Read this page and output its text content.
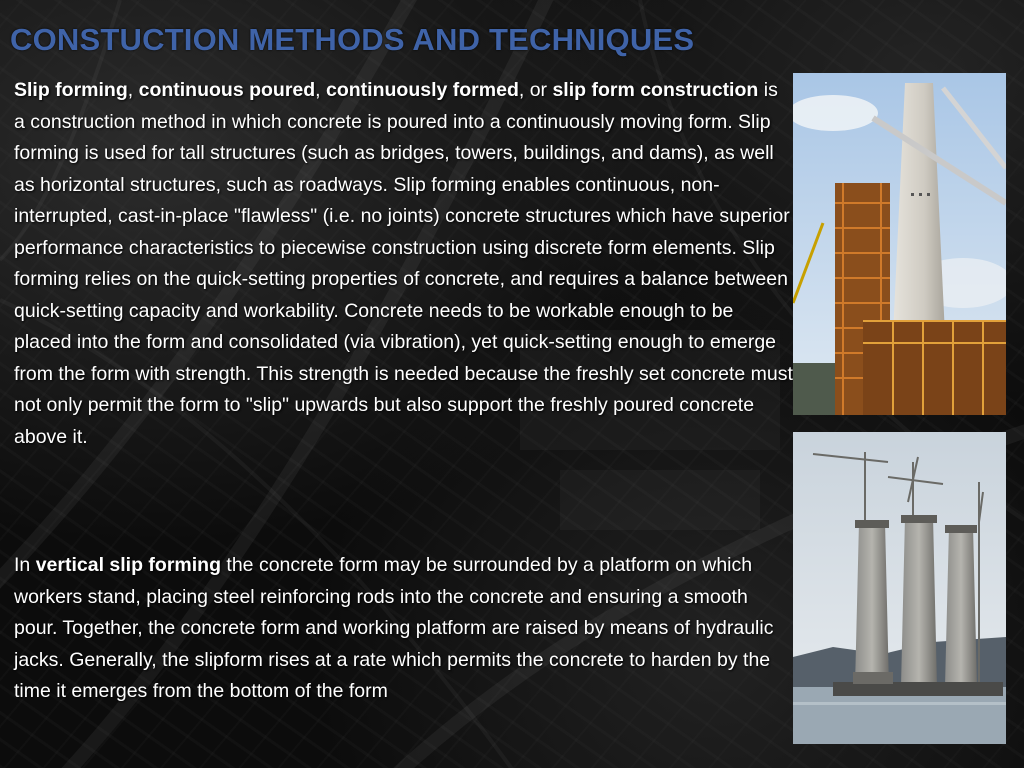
CONSTUCTION METHODS AND TECHNIQUES
Slip forming, continuous poured, continuously formed, or slip form construction is a construction method in which concrete is poured into a continuously moving form. Slip forming is used for tall structures (such as bridges, towers, buildings, and dams), as well as horizontal structures, such as roadways. Slip forming enables continuous, non-interrupted, cast-in-place "flawless" (i.e. no joints) concrete structures which have superior performance characteristics to piecewise construction using discrete form elements. Slip forming relies on the quick-setting properties of concrete, and requires a balance between quick-setting capacity and workability. Concrete needs to be workable enough to be placed into the form and consolidated (via vibration), yet quick-setting enough to emerge from the form with strength. This strength is needed because the freshly set concrete must not only permit the form to "slip" upwards but also support the freshly poured concrete above it.
In vertical slip forming the concrete form may be surrounded by a platform on which workers stand, placing steel reinforcing rods into the concrete and ensuring a smooth pour. Together, the concrete form and working platform are raised by means of hydraulic jacks. Generally, the slipform rises at a rate which permits the concrete to harden by the time it emerges from the bottom of the form
